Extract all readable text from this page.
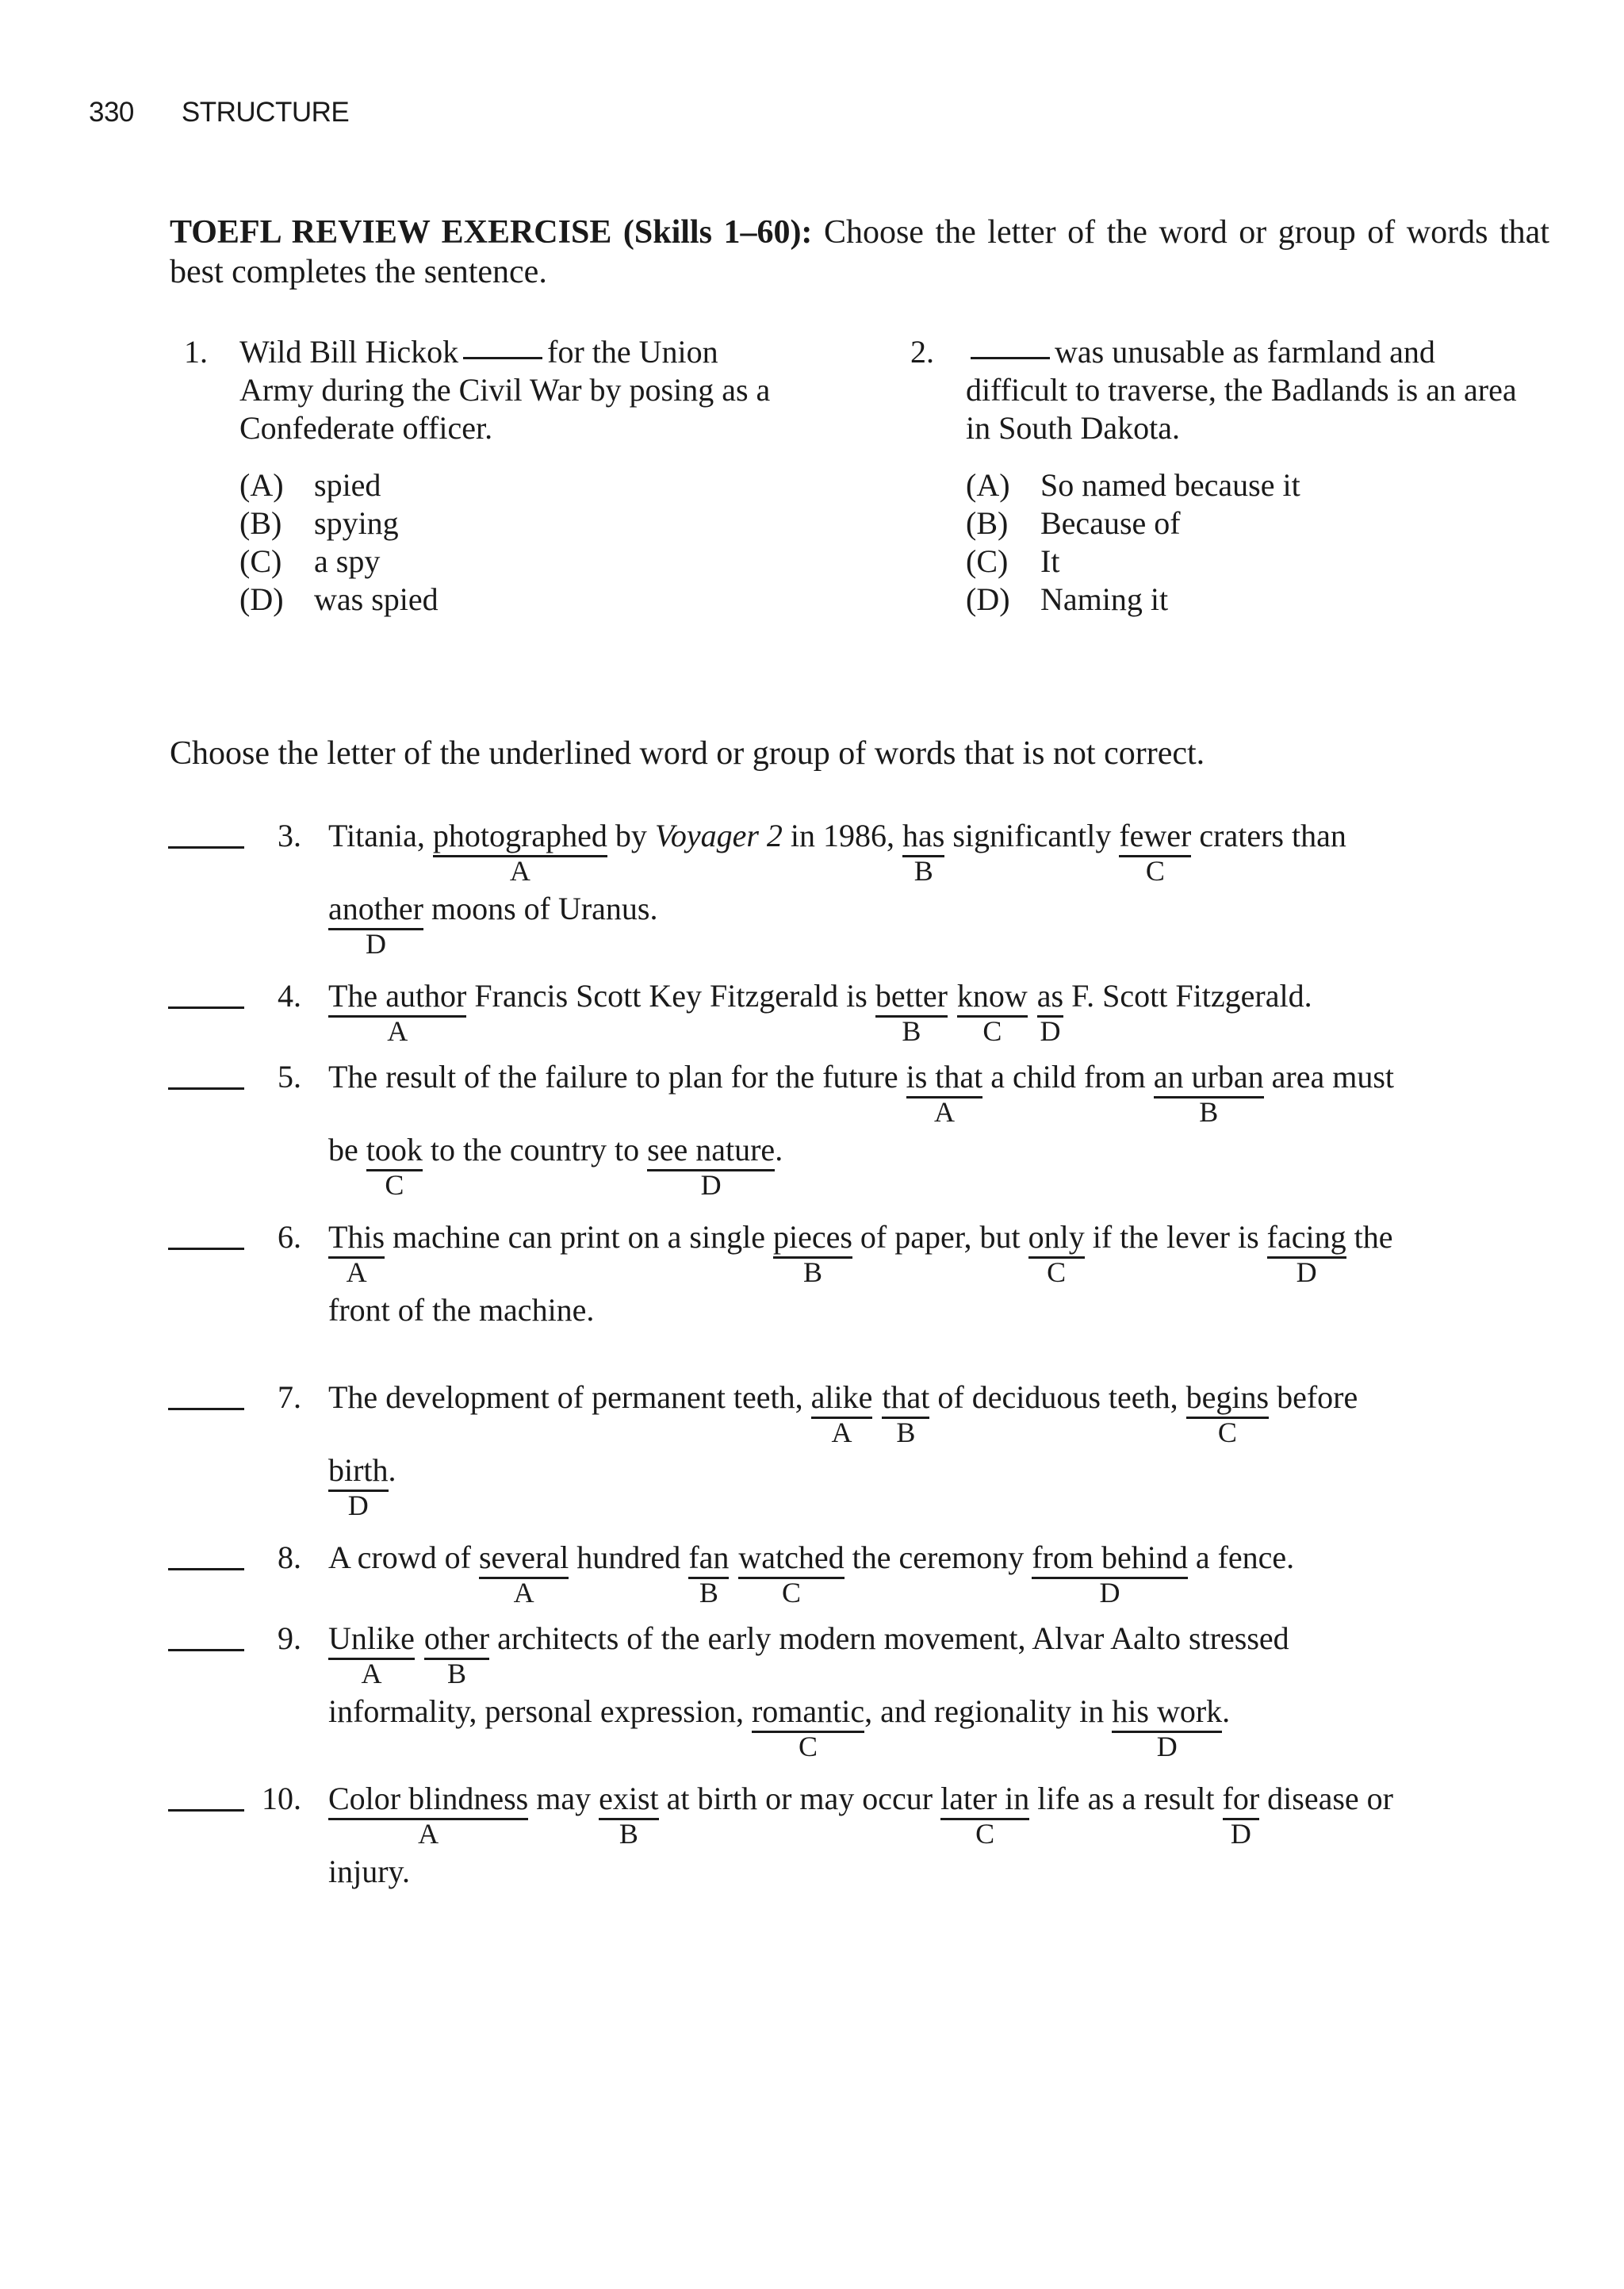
330 STRUCTURE
TOEFL REVIEW EXERCISE (Skills 1–60): Choose the letter of the word or group of words that best completes the sentence.
1. Wild Bill Hickok	for the Union Army during the Civil War by posing as a Confederate officer.
(A) spied
(B) spying
(C) a spy
(D) was spied
2.	was unusable as farmland and difficult to traverse, the Badlands is an area in South Dakota.
(A) So named because it
(B) Because of
(C) It
(D) Naming it
Choose the letter of the underlined word or group of words that is not correct.
3. Titania, photographed
A
by Voyager 2 in 1986, has
B
significantly fewer
C
craters than
another
D
moons of Uranus.
4. The author
A
Francis Scott Key Fitzgerald is better
B
know
C	$\frac{as}{D} F$. Scott Fitzgerald.
5. The result of the failure to plan for the future is that
A
a child from an urban
B
area must
be took
C
to the country to see nature
D
.
6. This
A
machine can print on a single pieces
B
of paper, but only
C
if the lever is facing
D
the
front of the machine.
7. The development of permanent teeth, alike
A
that
B
of deciduous teeth, begins
C
before
birth
D
.
8. A crowd of several
A
hundred fan
B
watched
C
the ceremony from behind
D
a fence.
9. Unlike
A
other
B
architects of the early modern movement, Alvar Aalto stressed
informality, personal expression, romantic
C
, and regionality in his work
D
.
10. Color blindness
A
may exist
B
at birth or may occur later in
C
life as a result for
D
disease or
injury.
